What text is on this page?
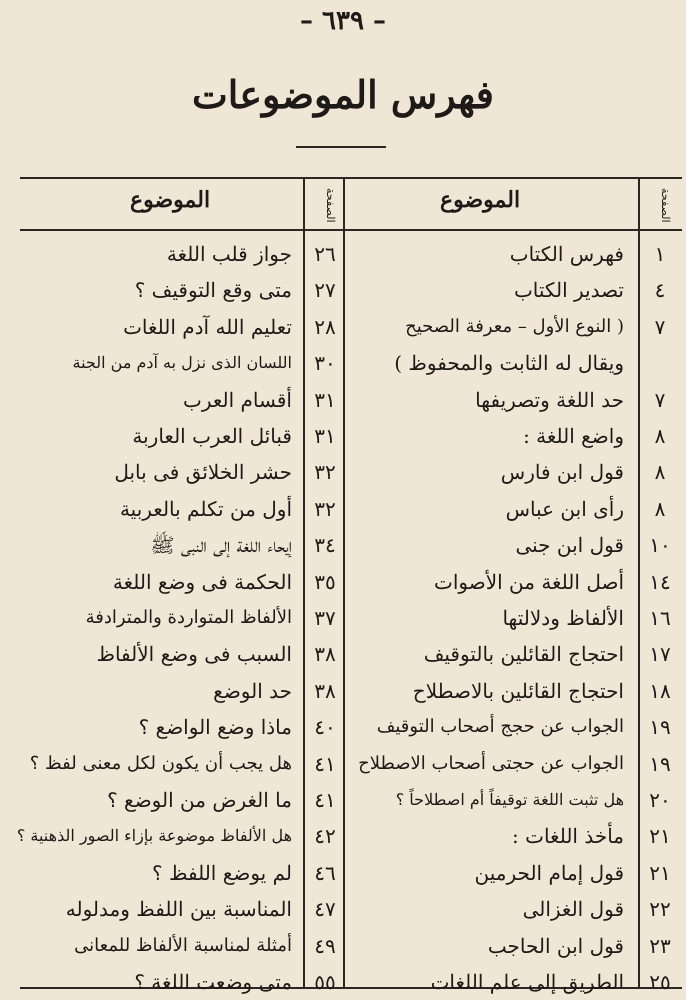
– ٦٣٩ –
فهرس الموضوعات
الصفحة
الموضوع
الصفحة
الموضوع
١
فهرس الكتاب
٤
تصدير الكتاب
٧
( النوع الأول – معرفة الصحيح
ويقال له الثابت والمحفوظ )
٧
حد اللغة وتصريفها
٨
واضع اللغة :
٨
قول ابن فارس
٨
رأى ابن عباس
١٠
قول ابن جنى
١٤
أصل اللغة من الأصوات
١٦
الألفاظ ودلالتها
١٧
احتجاج القائلين بالتوقيف
١٨
احتجاج القائلين بالاصطلاح
١٩
الجواب عن حجج أصحاب التوقيف
١٩
الجواب عن حجتى أصحاب الاصطلاح
٢٠
هل تثبت اللغة توقيفاً أم اصطلاحاً ؟
٢١
مأخذ اللغات :
٢١
قول إمام الحرمين
٢٢
قول الغزالى
٢٣
قول ابن الحاجب
٢٥
الطريق إلى علم اللغات
٢٦
جواز قلب اللغة
٢٧
متى وقع التوقيف ؟
٢٨
تعليم الله آدم اللغات
٣٠
اللسان الذى نزل به آدم من الجنة
٣١
أقسام العرب
٣١
قبائل العرب العاربة
٣٢
حشر الخلائق فى بابل
٣٢
أول من تكلم بالعربية
٣٤
إيحاء اللغة إلى النبى ﷺ
٣٥
الحكمة فى وضع اللغة
٣٧
الألفاظ المتواردة والمترادفة
٣٨
السبب فى وضع الألفاظ
٣٨
حد الوضع
٤٠
ماذا وضع الواضع ؟
٤١
هل يجب أن يكون لكل معنى لفظ ؟
٤١
ما الغرض من الوضع ؟
٤٢
هل الألفاظ موضوعة بإزاء الصور الذهنية ؟
٤٦
لم يوضع اللفظ ؟
٤٧
المناسبة بين اللفظ ومدلوله
٤٩
أمثلة لمناسبة الألفاظ للمعانى
٥٥
متى وضعت اللغة ؟
